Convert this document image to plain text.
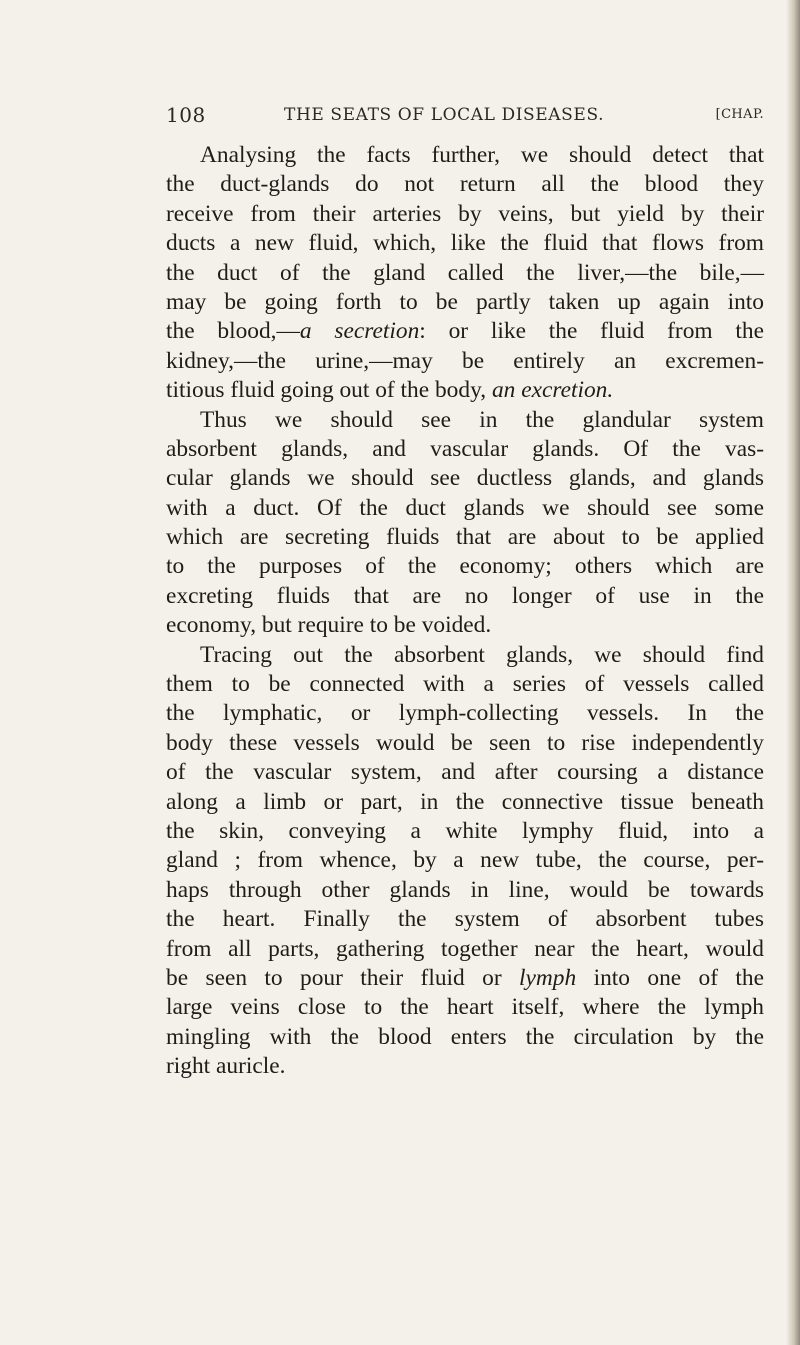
108	THE SEATS OF LOCAL DISEASES.	[CHAP.
Analysing the facts further, we should detect that
the duct-glands do not return all the blood they
receive from their arteries by veins, but yield by their
ducts a new fluid, which, like the fluid that flows from
the duct of the gland called the liver,—the bile,—
may be going forth to be partly taken up again into
the blood,—a secretion: or like the fluid from the
kidney,—the urine,—may be entirely an excremen-
titious fluid going out of the body, an excretion.
Thus we should see in the glandular system
absorbent glands, and vascular glands. Of the vas-
cular glands we should see ductless glands, and glands
with a duct. Of the duct glands we should see some
which are secreting fluids that are about to be applied
to the purposes of the economy; others which are
excreting fluids that are no longer of use in the
economy, but require to be voided.
Tracing out the absorbent glands, we should find
them to be connected with a series of vessels called
the lymphatic, or lymph-collecting vessels. In the
body these vessels would be seen to rise independently
of the vascular system, and after coursing a distance
along a limb or part, in the connective tissue beneath
the skin, conveying a white lymphy fluid, into a
gland ; from whence, by a new tube, the course, per-
haps through other glands in line, would be towards
the heart. Finally the system of absorbent tubes
from all parts, gathering together near the heart, would
be seen to pour their fluid or lymph into one of the
large veins close to the heart itself, where the lymph
mingling with the blood enters the circulation by the
right auricle.
